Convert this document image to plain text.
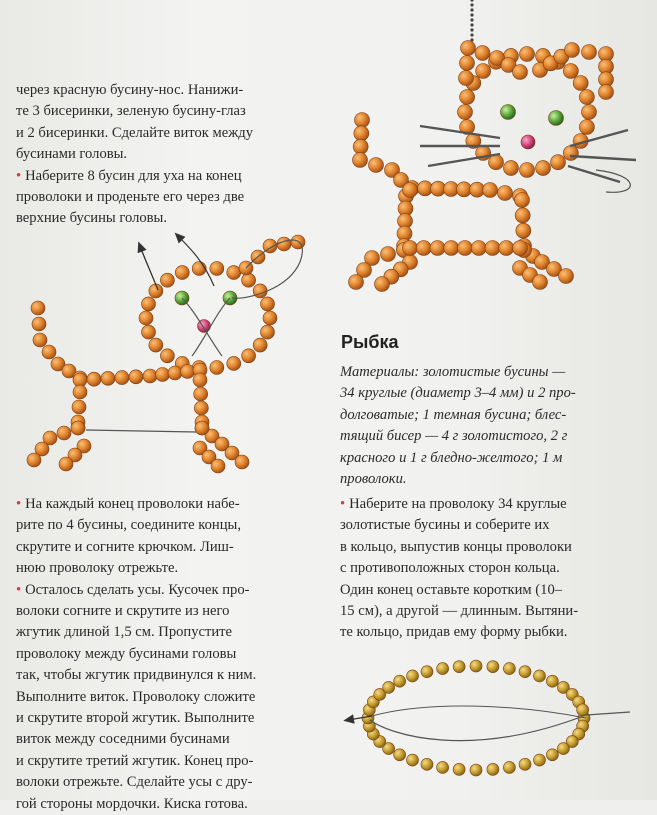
через красную бусину-нос. Нанижи-

те 3 бисеринки, зеленую бусину-глаз

и 2 бисеринки. Сделайте виток между

бусинами головы.

• Наберите 8 бусин для уха на конец

проволоки и проденьте его через две

верхние бусины головы.

Рыбка

Материалы: золотистые бусины —

34 круглые (диаметр 3–4 мм) и 2 про-

долговатые; 1 темная бусина; блес-

тящий бисер — 4 г золотистого, 2 г

красного и 1 г бледно-желтого; 1 м

проволоки.

• На каждый конец проволоки набе-

рите по 4 бусины, соедините концы,

скрутите и согните крючком. Лиш-

нюю проволоку отрежьте.

• Осталось сделать усы. Кусочек про-

волоки согните и скрутите из него

жгутик длиной 1,5 см. Пропустите

проволоку между бусинами головы

так, чтобы жгутик придвинулся к ним.

Выполните виток. Проволоку сложите

и скрутите второй жгутик. Выполните

виток между соседними бусинами

и скрутите третий жгутик. Конец про-

волоки отрежьте. Сделайте усы с дру-

гой стороны мордочки. Киска готова.

• Наберите на проволоку 34 круглые

золотистые бусины и соберите их

в кольцо, выпустив концы проволоки

с противоположных сторон кольца.

Один конец оставьте коротким (10–

15 см), а другой — длинным. Вытяни-

те кольцо, придав ему форму рыбки.
